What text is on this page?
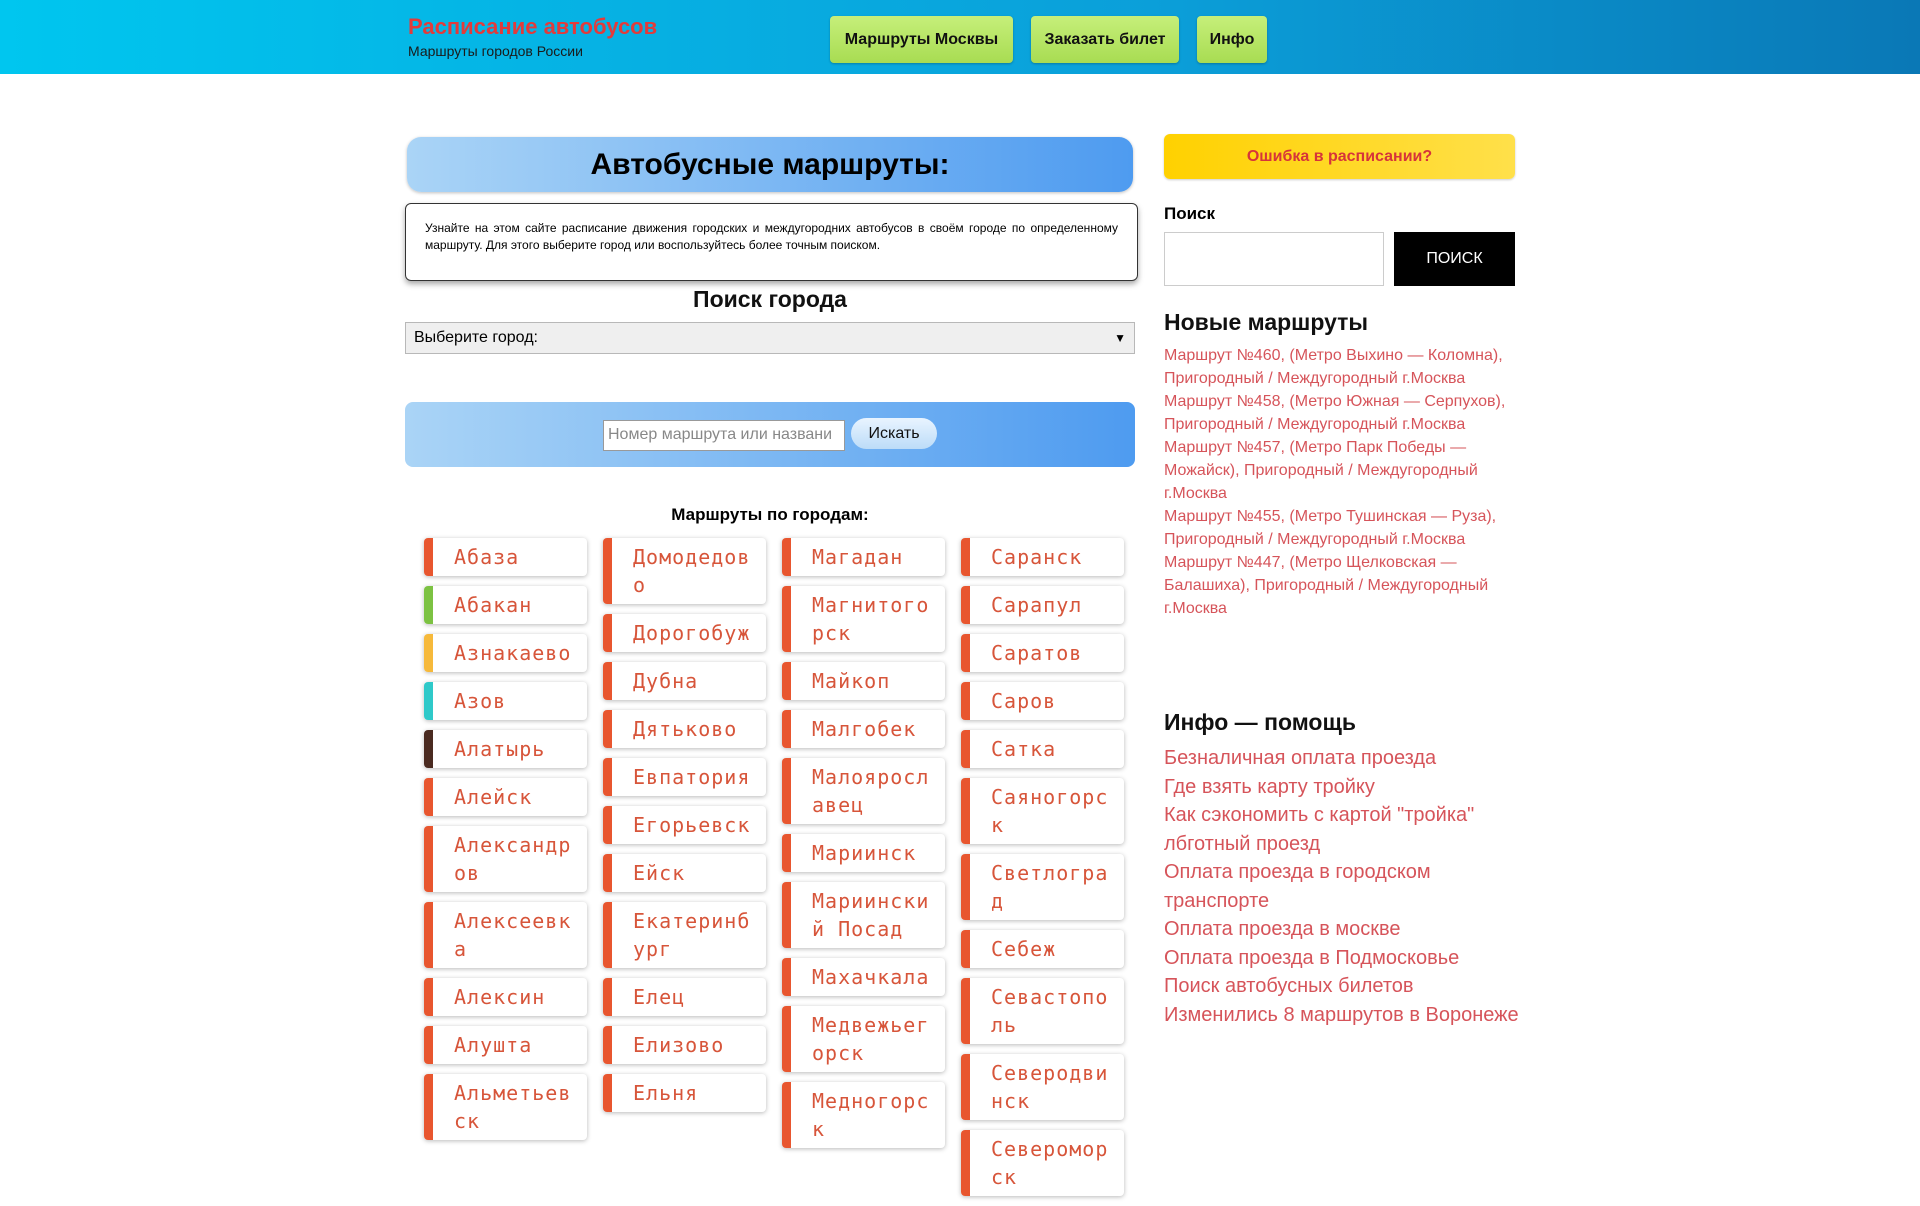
Расписание автобусов
Маршруты городов России
Маршруты Москвы	Заказать билет	Инфо
Автобусные маршруты:
Узнайте на этом сайте расписание движения городских и междугородних автобусов в своём городе по определенному маршруту. Для этого выберите город или воспользуйтесь более точным поиском.
Поиск города
Выберите город:	▼
Номер маршрута или названи	Искать
Маршруты по городам:
Абаза
Абакан
Азнакаево
Азов
Алатырь
Алейск
Александров
Алексеевка
Алексин
Алушта
Альметьевск
Домодедово
Дорогобуж
Дубна
Дятьково
Евпатория
Егорьевск
Ейск
Екатеринбург
Елец
Елизово
Ельня
Магадан
Магнитогорск
Майкоп
Малгобек
Малоярославец
Мариинск
Мариинский Посад
Махачкала
Медвежьегорск
Медногорск
Саранск
Сарапул
Саратов
Саров
Сатка
Саяногорск
Светлоград
Себеж
Севастополь
Северодвинск
Североморск
Ошибка в расписании?
Поиск
ПОИСК
Новые маршруты
Маршрут №460, (Метро Выхино — Коломна), Пригородный / Междугородный г.Москва
Маршрут №458, (Метро Южная — Серпухов), Пригородный / Междугородный г.Москва
Маршрут №457, (Метро Парк Победы — Можайск), Пригородный / Междугородный г.Москва
Маршрут №455, (Метро Тушинская — Руза), Пригородный / Междугородный г.Москва
Маршрут №447, (Метро Щелковская — Балашиха), Пригородный / Междугородный г.Москва
Инфо — помощь
Безналичная оплата проезда
Где взять карту тройку
Как сэкономить с картой "тройка" лбготный проезд
Оплата проезда в городском транспорте
Оплата проезда в москве
Оплата проезда в Подмосковье
Поиск автобусных билетов
Изменились 8 маршрутов в Воронеже
